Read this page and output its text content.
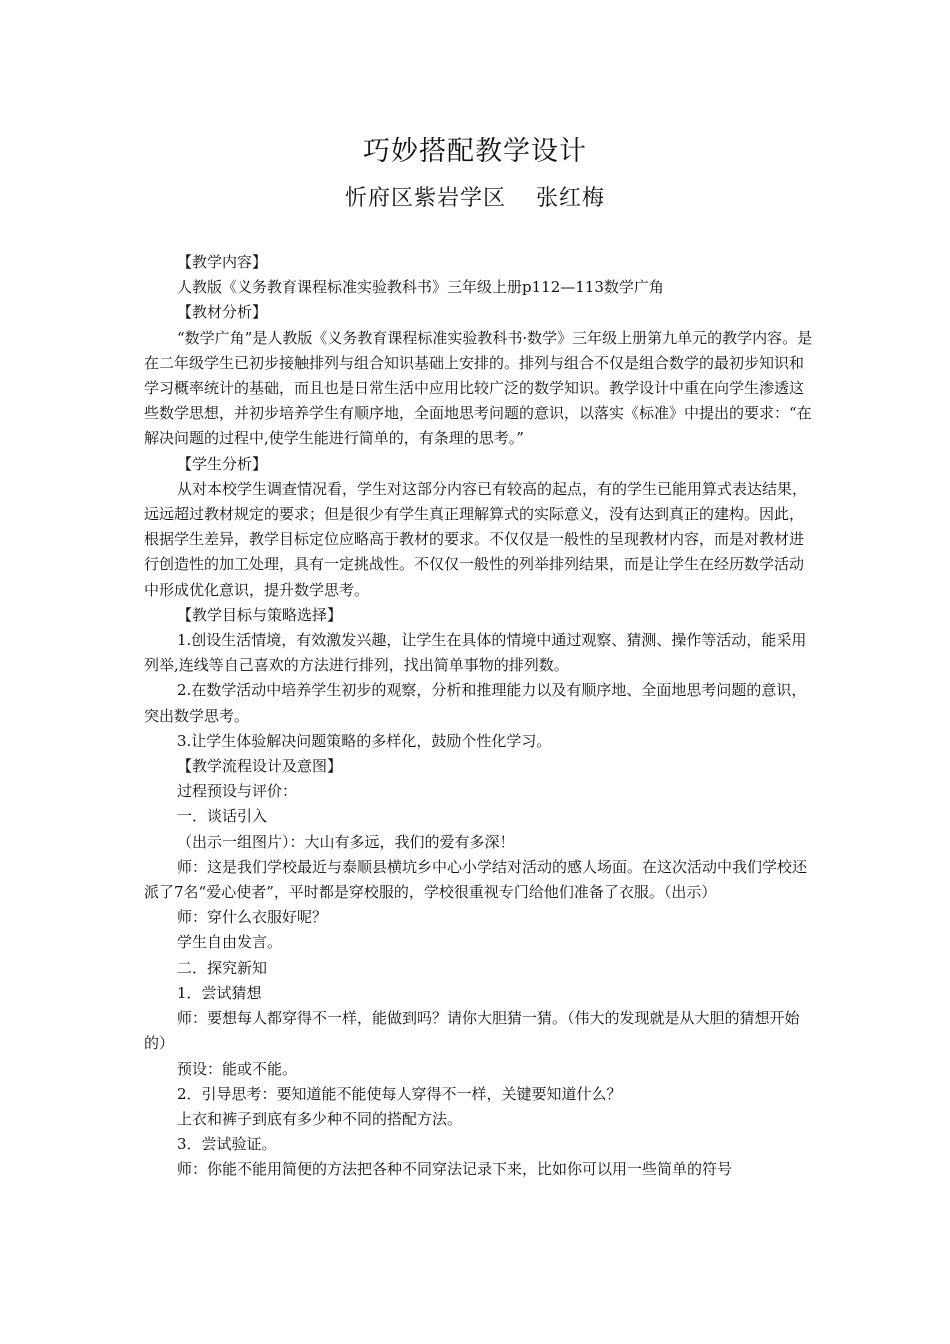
巧妙搭配教学设计
忻府区紫岩学区 张红梅

【教学内容】

人教版《义务教育课程标准实验教科书》三年级上册p112—113数学广角

【教材分析】

“数学广角”是人教版《义务教育课程标准实验教科书·数学》三年级上册第九单元的教学内容。是在二年级学生已初步接触排列与组合知识基础上安排的。排列与组合不仅是组合数学的最初步知识和学习概率统计的基础，而且也是日常生活中应用比较广泛的数学知识。教学设计中重在向学生渗透这些数学思想，并初步培养学生有顺序地，全面地思考问题的意识，以落实《标准》中提出的要求：“在解决问题的过程中,使学生能进行简单的，有条理的思考。”

【学生分析】

从对本校学生调查情况看，学生对这部分内容已有较高的起点，有的学生已能用算式表达结果，远远超过教材规定的要求；但是很少有学生真正理解算式的实际意义，没有达到真正的建构。因此，根据学生差异，教学目标定位应略高于教材的要求。不仅仅是一般性的呈现教材内容，而是对教材进行创造性的加工处理，具有一定挑战性。不仅仅一般性的列举排列结果，而是让学生在经历数学活动中形成优化意识，提升数学思考。

【教学目标与策略选择】

1.创设生活情境，有效激发兴趣，让学生在具体的情境中通过观察、猜测、操作等活动，能采用列举,连线等自己喜欢的方法进行排列，找出简单事物的排列数。

2.在数学活动中培养学生初步的观察，分析和推理能力以及有顺序地、全面地思考问题的意识，突出数学思考。

3.让学生体验解决问题策略的多样化，鼓励个性化学习。

【教学流程设计及意图】

过程预设与评价：

一．谈话引入

（出示一组图片）：大山有多远，我们的爱有多深！

师：这是我们学校最近与泰顺县横坑乡中心小学结对活动的感人场面。在这次活动中我们学校还派了7名“爱心使者”，平时都是穿校服的，学校很重视专门给他们准备了衣服。（出示）

师：穿什么衣服好呢？

学生自由发言。

二．探究新知

1．尝试猜想

师：要想每人都穿得不一样，能做到吗？请你大胆猜一猜。（伟大的发现就是从大胆的猜想开始的）

预设：能或不能。

2．引导思考：要知道能不能使每人穿得不一样，关键要知道什么？

上衣和裤子到底有多少种不同的搭配方法。

3．尝试验证。

师：你能不能用简便的方法把各种不同穿法记录下来，比如你可以用一些简单的符号
